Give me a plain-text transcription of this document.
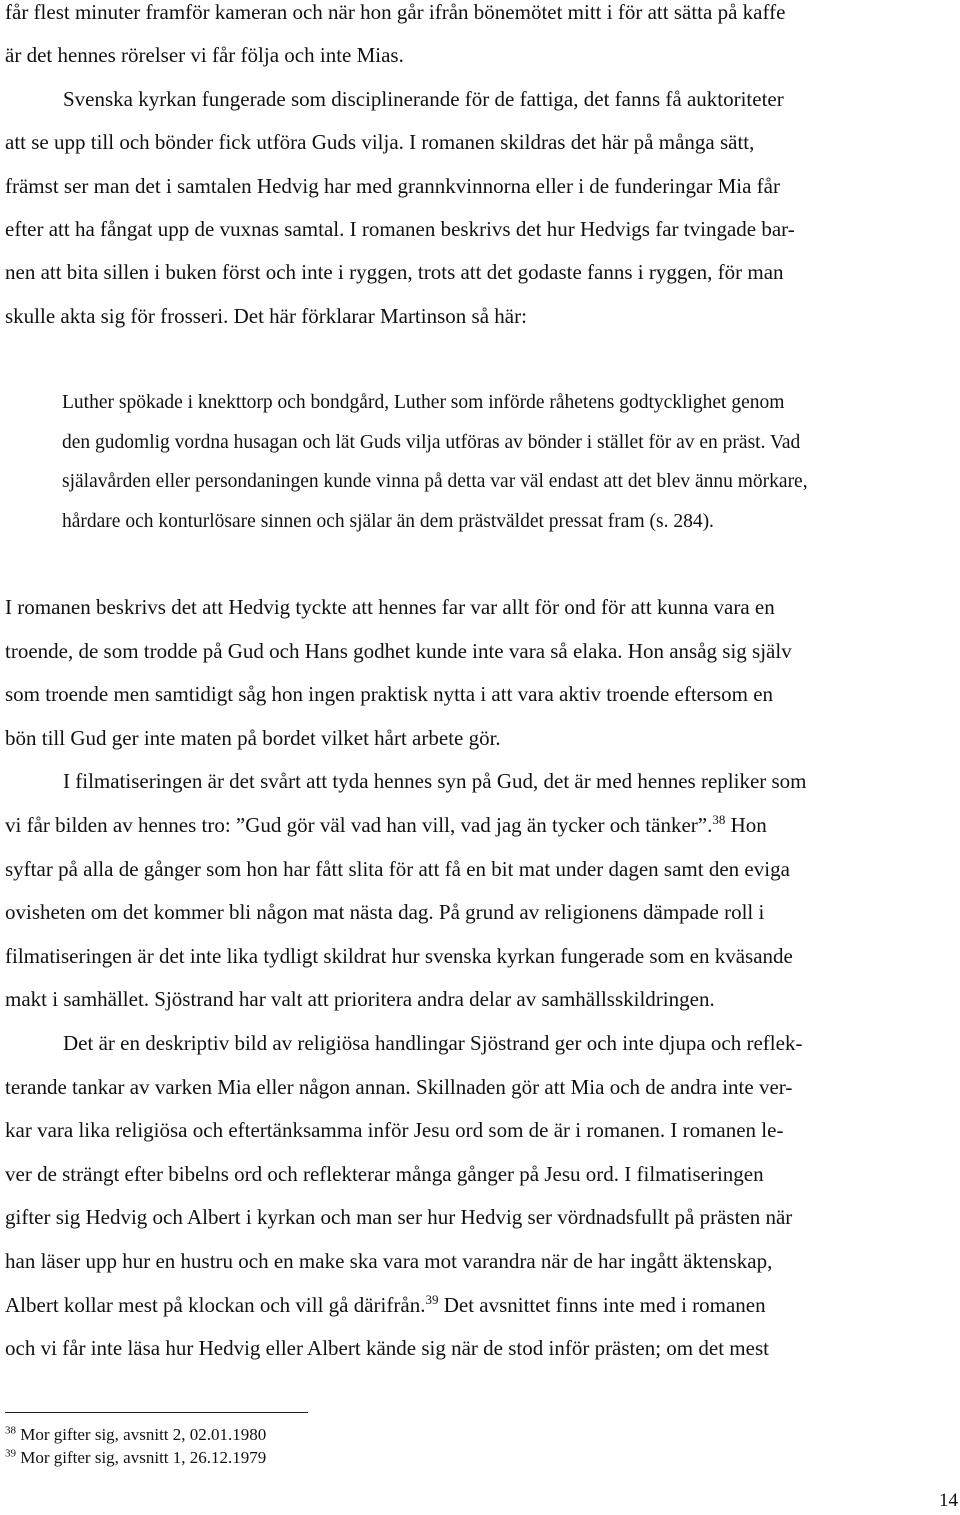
får flest minuter framför kameran och när hon går ifrån bönemötet mitt i för att sätta på kaffe
är det hennes rörelser vi får följa och inte Mias.
Svenska kyrkan fungerade som disciplinerande för de fattiga, det fanns få auktoriteter
att se upp till och bönder fick utföra Guds vilja. I romanen skildras det här på många sätt,
främst ser man det i samtalen Hedvig har med grannkvinnorna eller i de funderingar Mia får
efter att ha fångat upp de vuxnas samtal. I romanen beskrivs det hur Hedvigs far tvingade bar-
nen att bita sillen i buken först och inte i ryggen, trots att det godaste fanns i ryggen, för man
skulle akta sig för frosseri. Det här förklarar Martinson så här:
Luther spökade i knekttorp och bondgård, Luther som införde råhetens godtycklighet genom
den gudomlig vordna husagan och lät Guds vilja utföras av bönder i stället för av en präst. Vad
själavården eller persondaningen kunde vinna på detta var väl endast att det blev ännu mörkare,
hårdare och konturlösare sinnen och själar än dem prästväldet pressat fram (s. 284).
I romanen beskrivs det att Hedvig tyckte att hennes far var allt för ond för att kunna vara en
troende, de som trodde på Gud och Hans godhet kunde inte vara så elaka. Hon ansåg sig själv
som troende men samtidigt såg hon ingen praktisk nytta i att vara aktiv troende eftersom en
bön till Gud ger inte maten på bordet vilket hårt arbete gör.
I filmatiseringen är det svårt att tyda hennes syn på Gud, det är med hennes repliker som
vi får bilden av hennes tro: ”Gud gör väl vad han vill, vad jag än tycker och tänker”.$^{38}$ Hon
syftar på alla de gånger som hon har fått slita för att få en bit mat under dagen samt den eviga
ovisheten om det kommer bli någon mat nästa dag. På grund av religionens dämpade roll i
filmatiseringen är det inte lika tydligt skildrat hur svenska kyrkan fungerade som en kväsande
makt i samhället. Sjöstrand har valt att prioritera andra delar av samhällsskildringen.
Det är en deskriptiv bild av religiösa handlingar Sjöstrand ger och inte djupa och reflek-
terande tankar av varken Mia eller någon annan. Skillnaden gör att Mia och de andra inte ver-
kar vara lika religiösa och eftertänksamma inför Jesu ord som de är i romanen. I romanen le-
ver de strängt efter bibelns ord och reflekterar många gånger på Jesu ord. I filmatiseringen
gifter sig Hedvig och Albert i kyrkan och man ser hur Hedvig ser vördnadsfullt på prästen när
han läser upp hur en hustru och en make ska vara mot varandra när de har ingått äktenskap,
Albert kollar mest på klockan och vill gå därifrån.$^{39}$ Det avsnittet finns inte med i romanen
och vi får inte läsa hur Hedvig eller Albert kände sig när de stod inför prästen; om det mest
$^{38}$ Mor gifter sig, avsnitt 2, 02.01.1980
$^{39}$ Mor gifter sig, avsnitt 1, 26.12.1979
14
